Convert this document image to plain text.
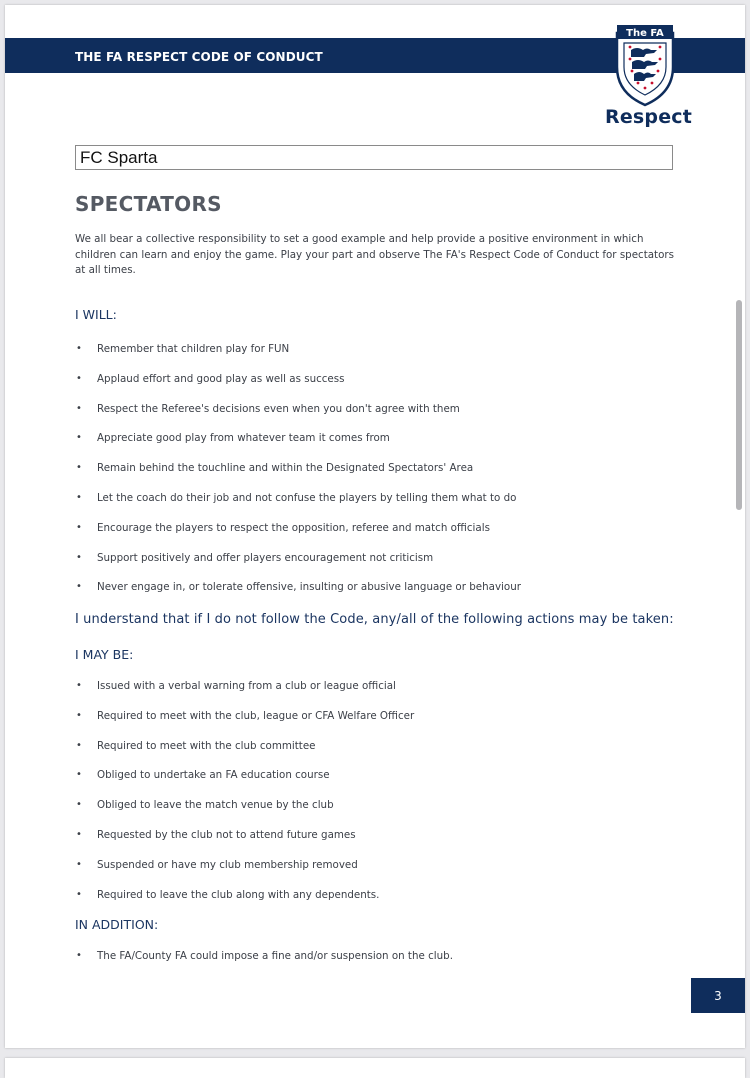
THE FA RESPECT CODE OF CONDUCT
The FA
Respect
FC Sparta
SPECTATORS
We all bear a collective responsibility to set a good example and help provide a positive environment in which children can learn and enjoy the game. Play your part and observe The FA's Respect Code of Conduct for spectators at all times.
I WILL:
• Remember that children play for FUN
• Applaud effort and good play as well as success
• Respect the Referee's decisions even when you don't agree with them
• Appreciate good play from whatever team it comes from
• Remain behind the touchline and within the Designated Spectators' Area
• Let the coach do their job and not confuse the players by telling them what to do
• Encourage the players to respect the opposition, referee and match officials
• Support positively and offer players encouragement not criticism
• Never engage in, or tolerate offensive, insulting or abusive language or behaviour
I understand that if I do not follow the Code, any/all of the following actions may be taken:
I MAY BE:
• Issued with a verbal warning from a club or league official
• Required to meet with the club, league or CFA Welfare Officer
• Required to meet with the club committee
• Obliged to undertake an FA education course
• Obliged to leave the match venue by the club
• Requested by the club not to attend future games
• Suspended or have my club membership removed
• Required to leave the club along with any dependents.
IN ADDITION:
• The FA/County FA could impose a fine and/or suspension on the club.
3
